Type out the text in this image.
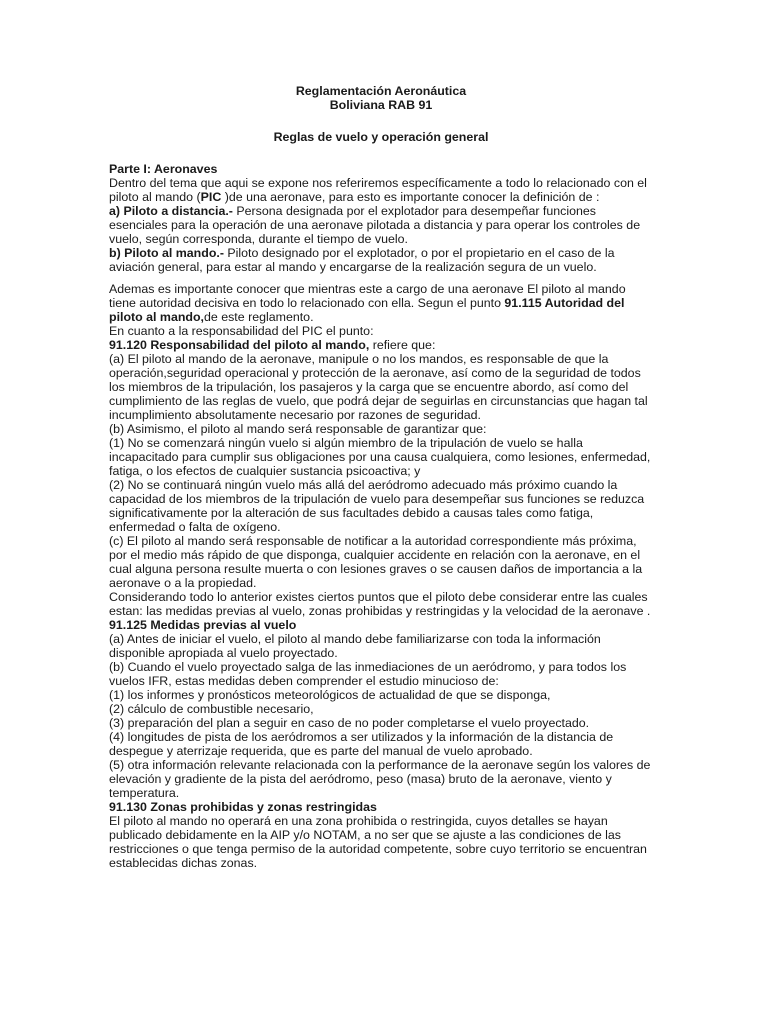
Reglamentación Aeronáutica
Boliviana RAB 91
Reglas de vuelo y operación general

Parte I: Aeronaves

Dentro del tema que aqui se expone nos referiremos específicamente a todo lo relacionado con el piloto al mando (PIC )de una aeronave, para esto es importante conocer la definición de :

a) Piloto a distancia.- Persona designada por el explotador para desempeñar funciones esenciales para la operación de una aeronave pilotada a distancia y para operar los controles de vuelo, según corresponda, durante el tiempo de vuelo.

b) Piloto al mando.- Piloto designado por el explotador, o por el propietario en el caso de la aviación general, para estar al mando y encargarse de la realización segura de un vuelo.

Ademas es importante conocer que mientras este a cargo de una aeronave El piloto al mando tiene autoridad decisiva en todo lo relacionado con ella. Segun el punto 91.115 Autoridad del piloto al mando,de este reglamento.

En cuanto a la responsabilidad del PIC el punto:

91.120 Responsabilidad del piloto al mando, refiere que:

(a) El piloto al mando de la aeronave, manipule o no los mandos, es responsable de que la operación,seguridad operacional y protección de la aeronave, así como de la seguridad de todos los miembros de la tripulación, los pasajeros y la carga que se encuentre abordo, así como del

cumplimiento de las reglas de vuelo, que podrá dejar de seguirlas en circunstancias que hagan tal incumplimiento absolutamente necesario por razones de seguridad.

(b) Asimismo, el piloto al mando será responsable de garantizar que:

(1) No se comenzará ningún vuelo si algún miembro de la tripulación de vuelo se halla incapacitado para cumplir sus obligaciones por una causa cualquiera, como lesiones, enfermedad, fatiga, o los efectos de cualquier sustancia psicoactiva; y

(2) No se continuará ningún vuelo más allá del aeródromo adecuado más próximo cuando la capacidad de los miembros de la tripulación de vuelo para desempeñar sus funciones se reduzca significativamente por la alteración de sus facultades debido a causas tales como fatiga, enfermedad o falta de oxígeno.

(c) El piloto al mando será responsable de notificar a la autoridad correspondiente más próxima, por el medio más rápido de que disponga, cualquier accidente en relación con la aeronave, en el cual alguna persona resulte muerta o con lesiones graves o se causen daños de importancia a la

aeronave o a la propiedad.

Considerando todo lo anterior existes ciertos puntos que el piloto debe considerar entre las cuales estan: las medidas previas al vuelo, zonas prohibidas y restringidas y la velocidad de la aeronave .

91.125 Medidas previas al vuelo

(a) Antes de iniciar el vuelo, el piloto al mando debe familiarizarse con toda la información disponible apropiada al vuelo proyectado.

(b) Cuando el vuelo proyectado salga de las inmediaciones de un aeródromo, y para todos los vuelos IFR, estas medidas deben comprender el estudio minucioso de:

(1) los informes y pronósticos meteorológicos de actualidad de que se disponga,

(2) cálculo de combustible necesario,

(3) preparación del plan a seguir en caso de no poder completarse el vuelo proyectado.

(4) longitudes de pista de los aeródromos a ser utilizados y la información de la distancia de despegue y aterrizaje requerida, que es parte del manual de vuelo aprobado.

(5) otra información relevante relacionada con la performance de la aeronave según los valores de elevación y gradiente de la pista del aeródromo, peso (masa) bruto de la aeronave, viento y temperatura.

91.130 Zonas prohibidas y zonas restringidas

El piloto al mando no operará en una zona prohibida o restringida, cuyos detalles se hayan publicado debidamente en la AIP y/o NOTAM, a no ser que se ajuste a las condiciones de las restricciones o que tenga permiso de la autoridad competente, sobre cuyo territorio se encuentran establecidas dichas zonas.
